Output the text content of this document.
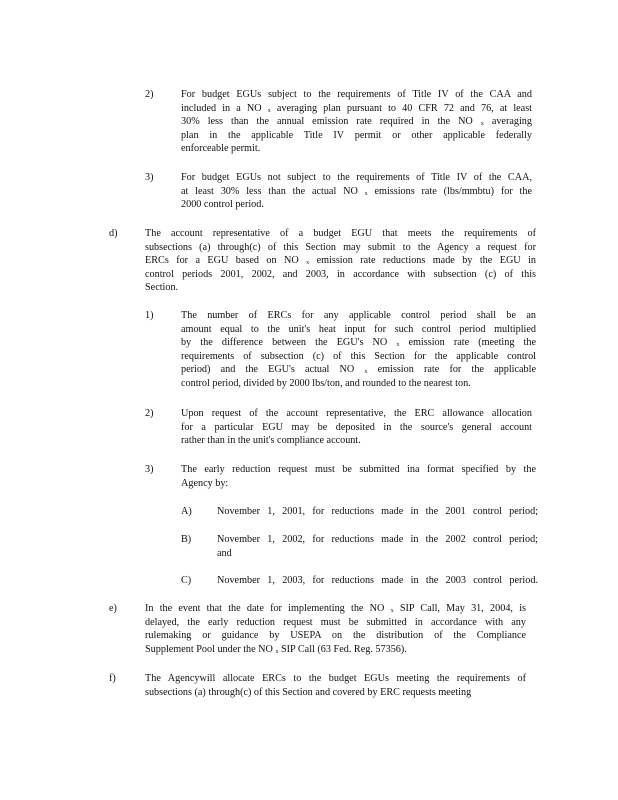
2)	For budget EGUs subject to the requirements of Title IV of the CAA and
included in a NO $_x$ averaging plan pursuant to 40 CFR 72 and 76, at least
30% less than the annual emission rate required in the NO $_x$ averaging
plan in the applicable Title IV permit or other applicable federally
enforceable permit.
3)	For budget EGUs not subject to the requirements of Title IV of the CAA,
at least 30% less than the actual NO $_x$ emissions rate (lbs/mmbtu) for the
2000 control period.
d)	The account representative of a budget EGU that meets the requirements of
subsections (a) through(c) of this Section may submit to the Agency a request for
ERCs for a EGU based on NO $_x$ emission rate reductions made by the EGU in
control periods 2001, 2002, and 2003, in accordance with subsection (c) of this
Section.
1)	The number of ERCs for any applicable control period shall be an
amount equal to the unit's heat input for such control period multiplied
by the difference between the EGU's NO $_x$ emission rate (meeting the
requirements of subsection (c) of this Section for the applicable control
period) and the EGU's actual NO $_x$ emission rate for the applicable
control period, divided by 2000 lbs/ton, and rounded to the nearest ton.
2)	Upon request of the account representative, the ERC allowance allocation
for a particular EGU may be deposited in the source's general account
rather than in the unit's compliance account.
3)	The early reduction request must be submitted ina format specified by the
Agency by:
A) November 1, 2001, for reductions made in the 2001 control period;
B)	November 1, 2002, for reductions made in the 2002 control period;
and
C)	November 1, 2003, for reductions made in the 2003 control period.
e)	In the event that the date for implementing the NO $_x$ SIP Call, May 31, 2004, is
delayed, the early reduction request must be submitted in accordance with any
rulemaking or guidance by USEPA on the distribution of the Compliance
Supplement Pool under the NO $_x$ SIP Call (63 Fed. Reg. 57356).
f)	The Agencywill allocate ERCs to the budget EGUs meeting the requirements of
subsections (a) through(c) of this Section and covered by ERC requests meeting
